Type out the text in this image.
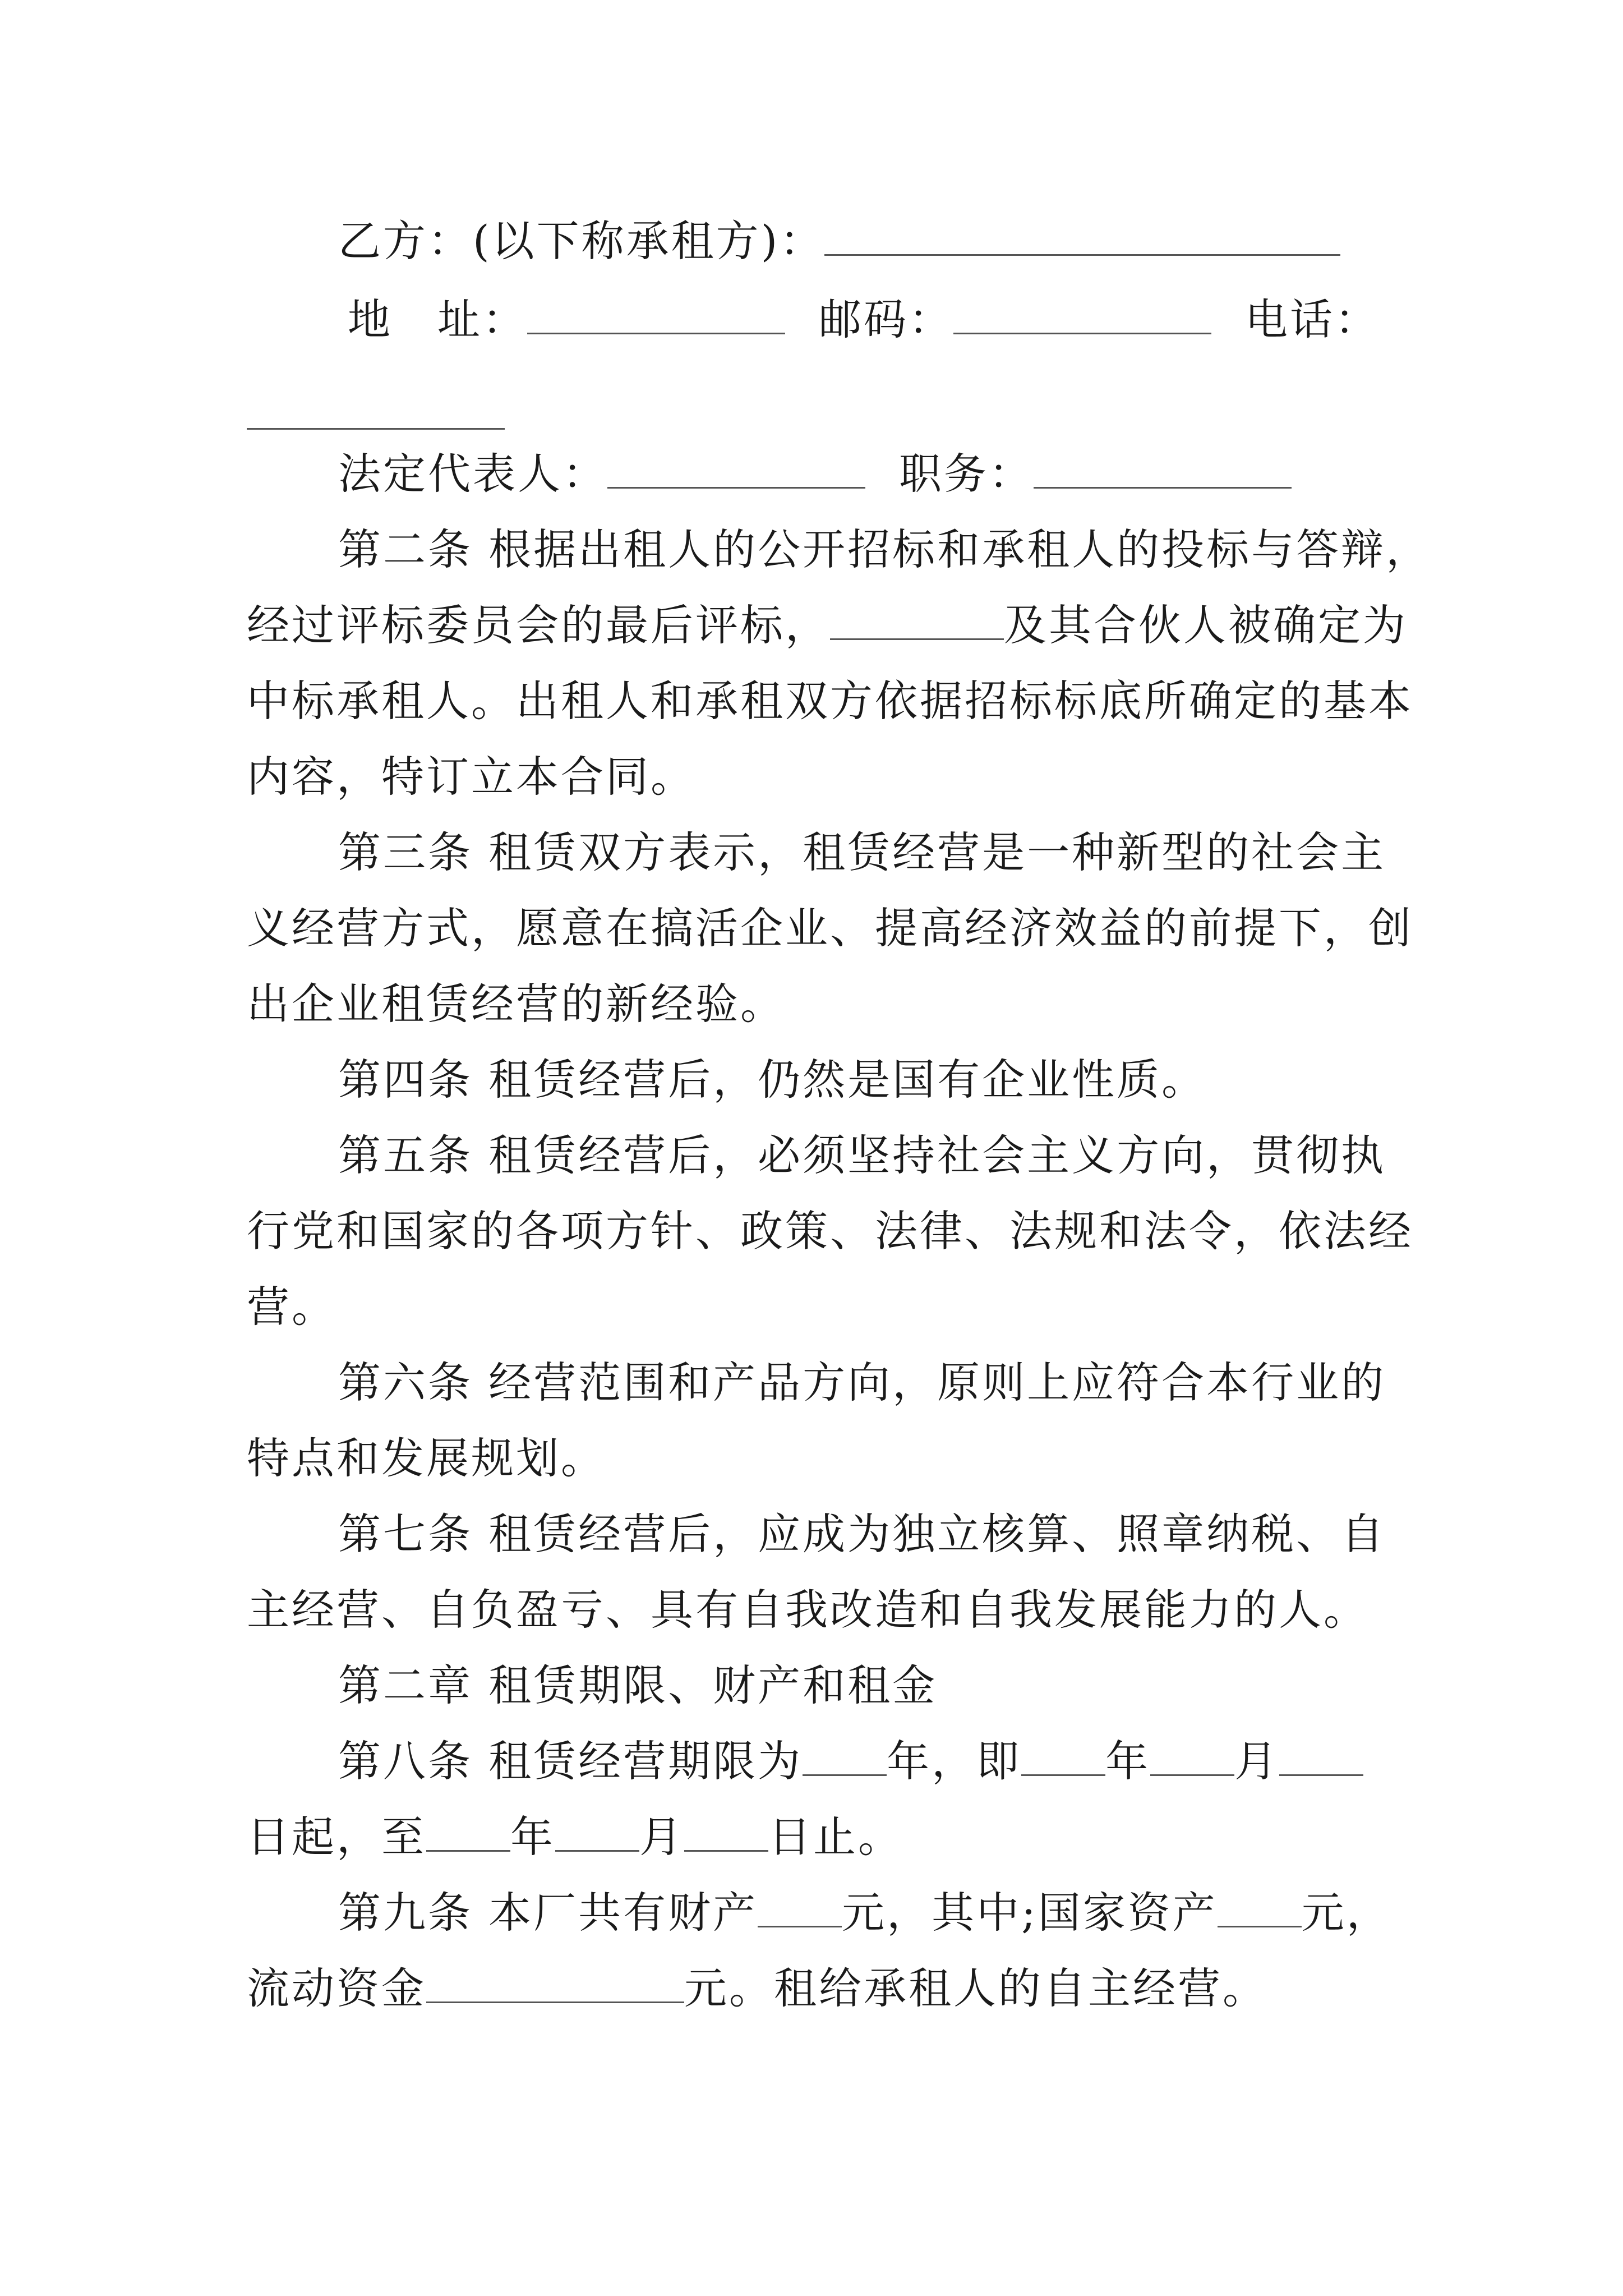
乙方：(以下称承租方)：
地　址：	邮码：	电话：
法定代表人：	职务：
第二条 根据出租人的公开招标和承租人的投标与答辩，
经过评标委员会的最后评标，	及其合伙人被确定为
中标承租人。出租人和承租双方依据招标标底所确定的基本
内容，特订立本合同。
第三条 租赁双方表示，租赁经营是一种新型的社会主
义经营方式，愿意在搞活企业、提高经济效益的前提下，创
出企业租赁经营的新经验。
第四条 租赁经营后，仍然是国有企业性质。
第五条 租赁经营后，必须坚持社会主义方向，贯彻执
行党和国家的各项方针、政策、法律、法规和法令，依法经
营。
第六条 经营范围和产品方向，原则上应符合本行业的
特点和发展规划。
第七条 租赁经营后，应成为独立核算、照章纳税、自
主经营、自负盈亏、具有自我改造和自我发展能力的人。
第二章 租赁期限、财产和租金
第八条 租赁经营期限为 年，即 年 月
日起，至 年 月 日止。
第九条 本厂共有财产 元，其中;国家资产 元，
流动资金	元。租给承租人的自主经营。
